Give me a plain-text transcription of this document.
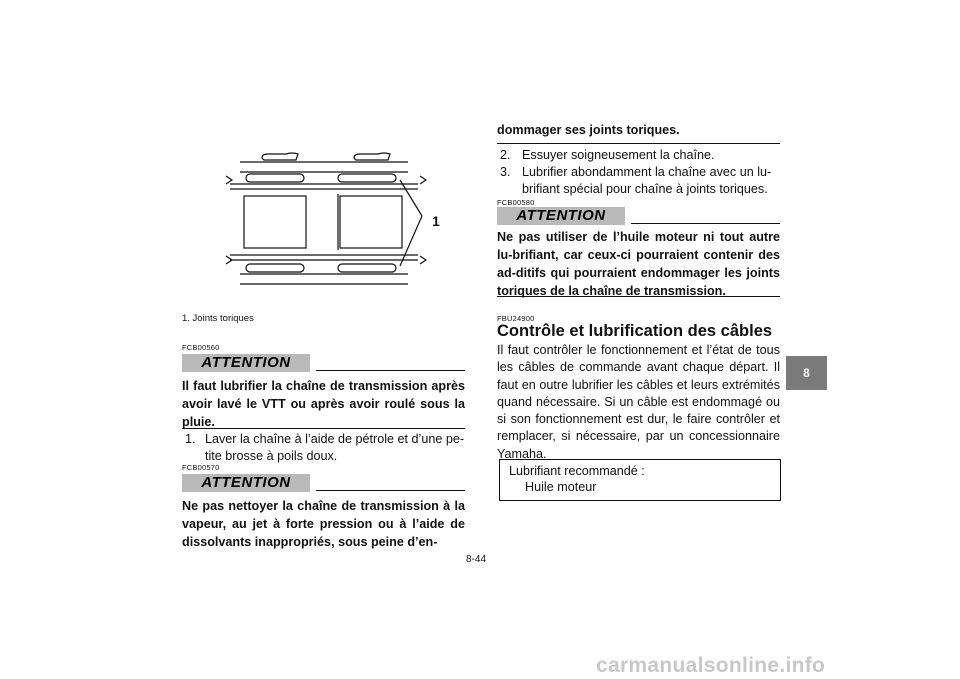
1
1. Joints toriques
FCB00560
ATTENTION
Il faut lubrifier la chaîne de transmission après avoir lavé le VTT ou après avoir roulé sous la pluie.
1. Laver la chaîne à l’aide de pétrole et d’une pe-tite brosse à poils doux.
FCB00570
ATTENTION
Ne pas nettoyer la chaîne de transmission à la vapeur, au jet à forte pression ou à l’aide de dissolvants inappropriés, sous peine d’en-
dommager ses joints toriques.
2. Essuyer soigneusement la chaîne.
3. Lubrifier abondamment la chaîne avec un lu-brifiant spécial pour chaîne à joints toriques.
FCB00580
ATTENTION
Ne pas utiliser de l’huile moteur ni tout autre lu-brifiant, car ceux-ci pourraient contenir des ad-ditifs qui pourraient endommager les joints toriques de la chaîne de transmission.
FBU24900
Contrôle et lubrification des câbles
Il faut contrôler le fonctionnement et l’état de tous les câbles de commande avant chaque départ. Il faut en outre lubrifier les câbles et leurs extrémités quand nécessaire. Si un câble est endommagé ou si son fonctionnement est dur, le faire contrôler et remplacer, si nécessaire, par un concessionnaire Yamaha.
Lubrifiant recommandé :
Huile moteur
8-44
8
carmanualsonline.info
